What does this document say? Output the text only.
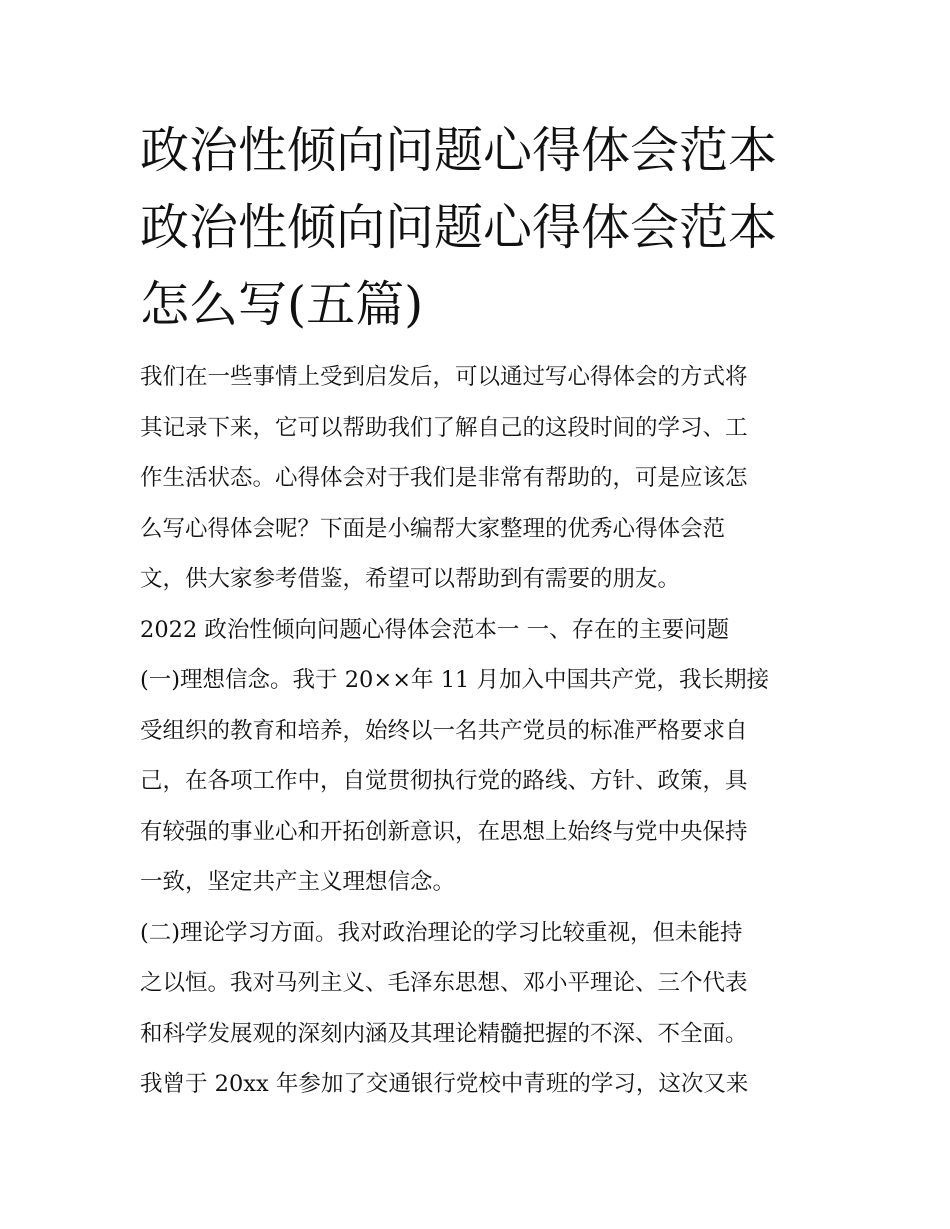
政治性倾向问题心得体会范本
政治性倾向问题心得体会范本
怎么写(五篇)

我们在一些事情上受到启发后，可以通过写心得体会的方式将
其记录下来，它可以帮助我们了解自己的这段时间的学习、工
作生活状态。心得体会对于我们是非常有帮助的，可是应该怎
么写心得体会呢？下面是小编帮大家整理的优秀心得体会范
文，供大家参考借鉴，希望可以帮助到有需要的朋友。

2022 政治性倾向问题心得体会范本一 一、存在的主要问题

(一)理想信念。我于 20××年 11 月加入中国共产党，我长期接
受组织的教育和培养，始终以一名共产党员的标准严格要求自
己，在各项工作中，自觉贯彻执行党的路线、方针、政策，具
有较强的事业心和开拓创新意识，在思想上始终与党中央保持
一致，坚定共产主义理想信念。

(二)理论学习方面。我对政治理论的学习比较重视，但未能持
之以恒。我对马列主义、毛泽东思想、邓小平理论、三个代表
和科学发展观的深刻内涵及其理论精髓把握的不深、不全面。
我曾于 20xx 年参加了交通银行党校中青班的学习，这次又来
